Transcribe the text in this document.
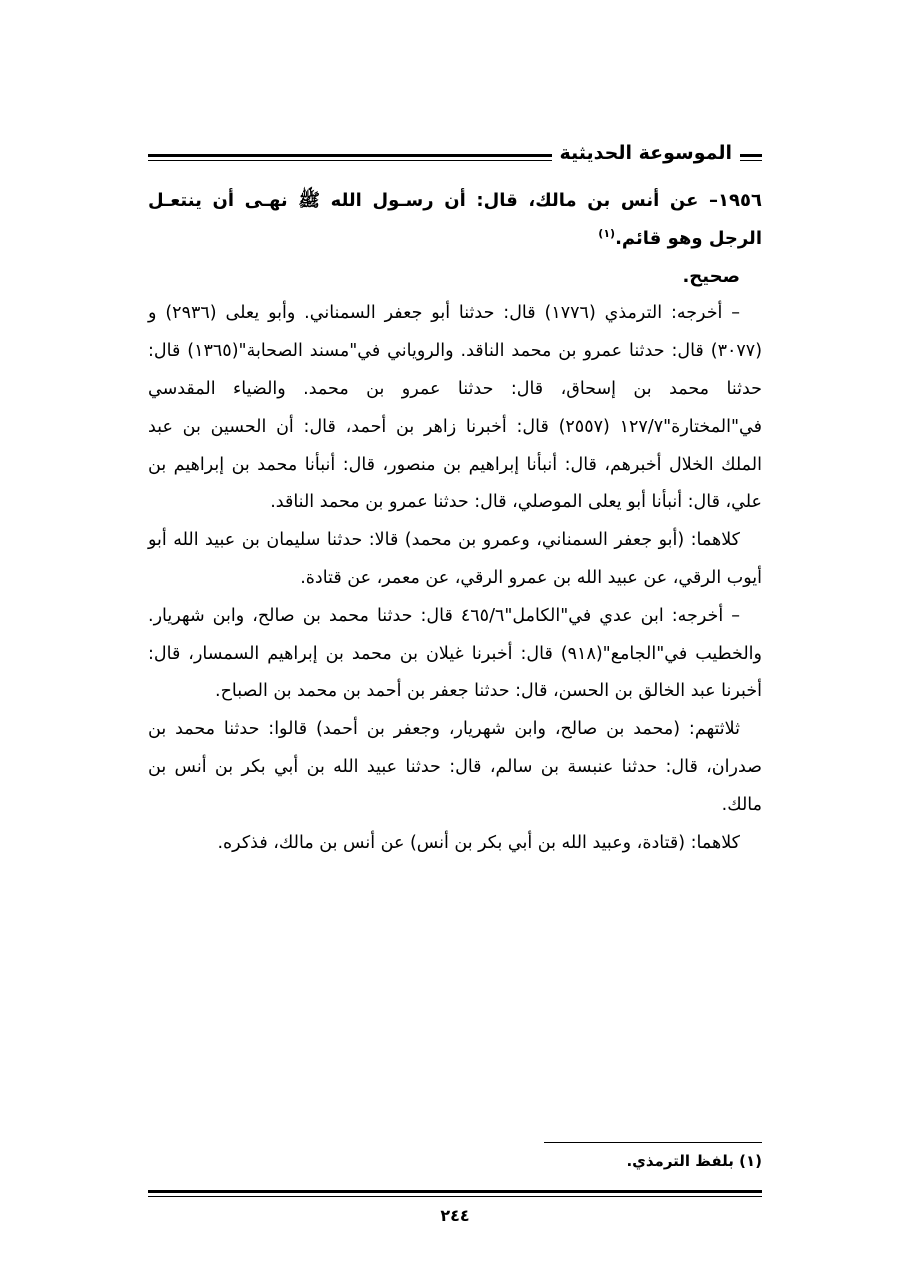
الموسوعة الحديثية

١٩٥٦– عن أنس بن مالك، قال: أن رسـول الله ﷺ نهـى أن ينتعـل الرجل وهو قائم.$^{(١)}$

صحيح.

– أخرجه: الترمذي (١٧٧٦) قال: حدثنا أبو جعفر السمناني. وأبو يعلى (٢٩٣٦) و (٣٠٧٧) قال: حدثنا عمرو بن محمد الناقد. والروياني في"مسند الصحابة"(١٣٦٥) قال: حدثنا محمد بن إسحاق، قال: حدثنا عمرو بن محمد. والضياء المقدسي في"المختارة"١٢٧/٧ (٢٥٥٧) قال: أخبرنا زاهر بن أحمد، قال: أن الحسين بن عبد الملك الخلال أخبرهم، قال: أنبأنا إبراهيم بن منصور، قال: أنبأنا محمد بن إبراهيم بن علي، قال: أنبأنا أبو يعلى الموصلي، قال: حدثنا عمرو بن محمد الناقد.

كلاهما: (أبو جعفر السمناني، وعمرو بن محمد) قالا: حدثنا سليمان بن عبيد الله أبو أيوب الرقي، عن عبيد الله بن عمرو الرقي، عن معمر، عن قتادة.

– أخرجه: ابن عدي في"الكامل"٤٦٥/٦ قال: حدثنا محمد بن صالح، وابن شهريار. والخطيب في"الجامع"(٩١٨) قال: أخبرنا غيلان بن محمد بن إبراهيم السمسار، قال: أخبرنا عبد الخالق بن الحسن، قال: حدثنا جعفر بن أحمد بن محمد بن الصباح.

ثلاثتهم: (محمد بن صالح، وابن شهريار، وجعفر بن أحمد) قالوا: حدثنا محمد بن صدران، قال: حدثنا عنبسة بن سالم، قال: حدثنا عبيد الله بن أبي بكر بن أنس بن مالك.

كلاهما: (قتادة، وعبيد الله بن أبي بكر بن أنس) عن أنس بن مالك، فذكره.

(١) بلفظ الترمذي.
٢٤٤
